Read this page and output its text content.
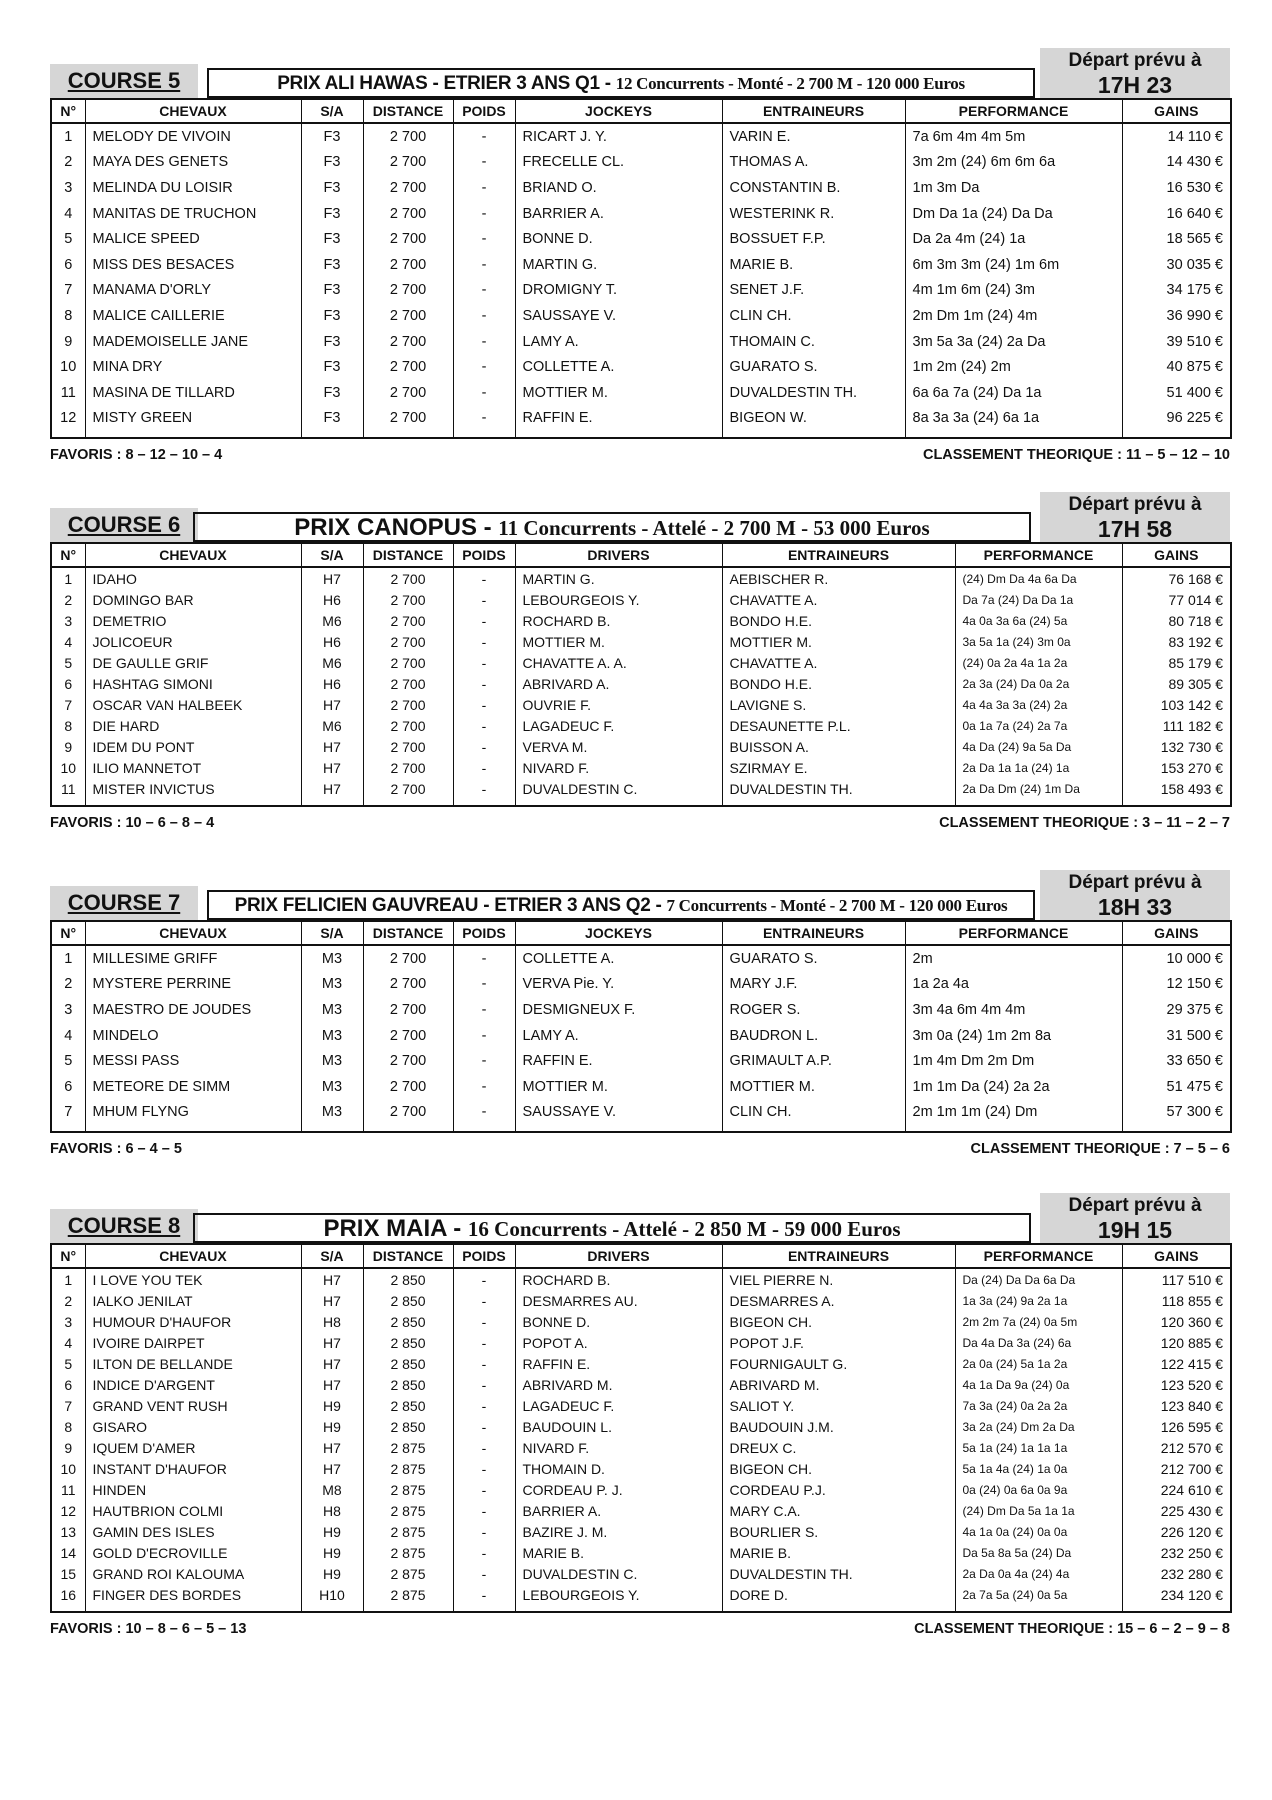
COURSE 5	PRIX ALI HAWAS - ETRIER 3 ANS Q1 - 12 Concurrents - Monté - 2 700 M - 120 000 Euros
Départ prévu à
17H 23
N°	CHEVAUX	S/A	DISTANCE	POIDS	JOCKEYS	ENTRAINEURS	PERFORMANCE	GAINS
1	MELODY DE VIVOIN	F3	2 700	-	RICART J. Y.	VARIN E.	7a 6m 4m 4m 5m	14 110 €
2	MAYA DES GENETS	F3	2 700	-	FRECELLE CL.	THOMAS A.	3m 2m (24) 6m 6m 6a	14 430 €
3	MELINDA DU LOISIR	F3	2 700	-	BRIAND O.	CONSTANTIN B.	1m 3m Da	16 530 €
4	MANITAS DE TRUCHON	F3	2 700	-	BARRIER A.	WESTERINK R.	Dm Da 1a (24) Da Da	16 640 €
5	MALICE SPEED	F3	2 700	-	BONNE D.	BOSSUET F.P.	Da 2a 4m (24) 1a	18 565 €
6	MISS DES BESACES	F3	2 700	-	MARTIN G.	MARIE B.	6m 3m 3m (24) 1m 6m	30 035 €
7	MANAMA D'ORLY	F3	2 700	-	DROMIGNY T.	SENET J.F.	4m 1m 6m (24) 3m	34 175 €
8	MALICE CAILLERIE	F3	2 700	-	SAUSSAYE V.	CLIN CH.	2m Dm 1m (24) 4m	36 990 €
9	MADEMOISELLE JANE	F3	2 700	-	LAMY A.	THOMAIN C.	3m 5a 3a (24) 2a Da	39 510 €
10	MINA DRY	F3	2 700	-	COLLETTE A.	GUARATO S.	1m 2m (24) 2m	40 875 €
11	MASINA DE TILLARD	F3	2 700	-	MOTTIER M.	DUVALDESTIN TH.	6a 6a 7a (24) Da 1a	51 400 €
12	MISTY GREEN	F3	2 700	-	RAFFIN E.	BIGEON W.	8a 3a 3a (24) 6a 1a	96 225 €
FAVORIS : 8 – 12 – 10 – 4	CLASSEMENT THEORIQUE : 11 – 5 – 12 – 10
COURSE 6	PRIX CANOPUS - 11 Concurrents - Attelé - 2 700 M - 53 000 Euros
Départ prévu à
17H 58
N°	CHEVAUX	S/A	DISTANCE	POIDS	DRIVERS	ENTRAINEURS	PERFORMANCE	GAINS
1	IDAHO	H7	2 700	-	MARTIN G.	AEBISCHER R.	(24) Dm Da 4a 6a Da	76 168 €
2	DOMINGO BAR	H6	2 700	-	LEBOURGEOIS Y.	CHAVATTE A.	Da 7a (24) Da Da 1a	77 014 €
3	DEMETRIO	M6	2 700	-	ROCHARD B.	BONDO H.E.	4a 0a 3a 6a (24) 5a	80 718 €
4	JOLICOEUR	H6	2 700	-	MOTTIER M.	MOTTIER M.	3a 5a 1a (24) 3m 0a	83 192 €
5	DE GAULLE GRIF	M6	2 700	-	CHAVATTE A. A.	CHAVATTE A.	(24) 0a 2a 4a 1a 2a	85 179 €
6	HASHTAG SIMONI	H6	2 700	-	ABRIVARD A.	BONDO H.E.	2a 3a (24) Da 0a 2a	89 305 €
7	OSCAR VAN HALBEEK	H7	2 700	-	OUVRIE F.	LAVIGNE S.	4a 4a 3a 3a (24) 2a	103 142 €
8	DIE HARD	M6	2 700	-	LAGADEUC F.	DESAUNETTE P.L.	0a 1a 7a (24) 2a 7a	111 182 €
9	IDEM DU PONT	H7	2 700	-	VERVA M.	BUISSON A.	4a Da (24) 9a 5a Da	132 730 €
10	ILIO MANNETOT	H7	2 700	-	NIVARD F.	SZIRMAY E.	2a Da 1a 1a (24) 1a	153 270 €
11	MISTER INVICTUS	H7	2 700	-	DUVALDESTIN C.	DUVALDESTIN TH.	2a Da Dm (24) 1m Da	158 493 €
FAVORIS : 10 – 6 – 8 – 4	CLASSEMENT THEORIQUE : 3 – 11 – 2 – 7
COURSE 7	PRIX FELICIEN GAUVREAU - ETRIER 3 ANS Q2 - 7 Concurrents - Monté - 2 700 M - 120 000 Euros
Départ prévu à
18H 33
N°	CHEVAUX	S/A	DISTANCE	POIDS	JOCKEYS	ENTRAINEURS	PERFORMANCE	GAINS
1	MILLESIME GRIFF	M3	2 700	-	COLLETTE A.	GUARATO S.	2m	10 000 €
2	MYSTERE PERRINE	M3	2 700	-	VERVA Pie. Y.	MARY J.F.	1a 2a 4a	12 150 €
3	MAESTRO DE JOUDES	M3	2 700	-	DESMIGNEUX F.	ROGER S.	3m 4a 6m 4m 4m	29 375 €
4	MINDELO	M3	2 700	-	LAMY A.	BAUDRON L.	3m 0a (24) 1m 2m 8a	31 500 €
5	MESSI PASS	M3	2 700	-	RAFFIN E.	GRIMAULT A.P.	1m 4m Dm 2m Dm	33 650 €
6	METEORE DE SIMM	M3	2 700	-	MOTTIER M.	MOTTIER M.	1m 1m Da (24) 2a 2a	51 475 €
7	MHUM FLYNG	M3	2 700	-	SAUSSAYE V.	CLIN CH.	2m 1m 1m (24) Dm	57 300 €
FAVORIS : 6 – 4 – 5	CLASSEMENT THEORIQUE : 7 – 5 – 6
COURSE 8	PRIX MAIA - 16 Concurrents - Attelé - 2 850 M - 59 000 Euros
Départ prévu à
19H 15
N°	CHEVAUX	S/A	DISTANCE	POIDS	DRIVERS	ENTRAINEURS	PERFORMANCE	GAINS
1	I LOVE YOU TEK	H7	2 850	-	ROCHARD B.	VIEL PIERRE N.	Da (24) Da Da 6a Da	117 510 €
2	IALKO JENILAT	H7	2 850	-	DESMARRES AU.	DESMARRES A.	1a 3a (24) 9a 2a 1a	118 855 €
3	HUMOUR D'HAUFOR	H8	2 850	-	BONNE D.	BIGEON CH.	2m 2m 7a (24) 0a 5m	120 360 €
4	IVOIRE DAIRPET	H7	2 850	-	POPOT A.	POPOT J.F.	Da 4a Da 3a (24) 6a	120 885 €
5	ILTON DE BELLANDE	H7	2 850	-	RAFFIN E.	FOURNIGAULT G.	2a 0a (24) 5a 1a 2a	122 415 €
6	INDICE D'ARGENT	H7	2 850	-	ABRIVARD M.	ABRIVARD M.	4a 1a Da 9a (24) 0a	123 520 €
7	GRAND VENT RUSH	H9	2 850	-	LAGADEUC F.	SALIOT Y.	7a 3a (24) 0a 2a 2a	123 840 €
8	GISARO	H9	2 850	-	BAUDOUIN L.	BAUDOUIN J.M.	3a 2a (24) Dm 2a Da	126 595 €
9	IQUEM D'AMER	H7	2 875	-	NIVARD F.	DREUX C.	5a 1a (24) 1a 1a 1a	212 570 €
10	INSTANT D'HAUFOR	H7	2 875	-	THOMAIN D.	BIGEON CH.	5a 1a 4a (24) 1a 0a	212 700 €
11	HINDEN	M8	2 875	-	CORDEAU P. J.	CORDEAU P.J.	0a (24) 0a 6a 0a 9a	224 610 €
12	HAUTBRION COLMI	H8	2 875	-	BARRIER A.	MARY C.A.	(24) Dm Da 5a 1a 1a	225 430 €
13	GAMIN DES ISLES	H9	2 875	-	BAZIRE J. M.	BOURLIER S.	4a 1a 0a (24) 0a 0a	226 120 €
14	GOLD D'ECROVILLE	H9	2 875	-	MARIE B.	MARIE B.	Da 5a 8a 5a (24) Da	232 250 €
15	GRAND ROI KALOUMA	H9	2 875	-	DUVALDESTIN C.	DUVALDESTIN TH.	2a Da 0a 4a (24) 4a	232 280 €
16	FINGER DES BORDES	H10	2 875	-	LEBOURGEOIS Y.	DORE D.	2a 7a 5a (24) 0a 5a	234 120 €
FAVORIS : 10 – 8 – 6 – 5 – 13	CLASSEMENT THEORIQUE : 15 – 6 – 2 – 9 – 8
